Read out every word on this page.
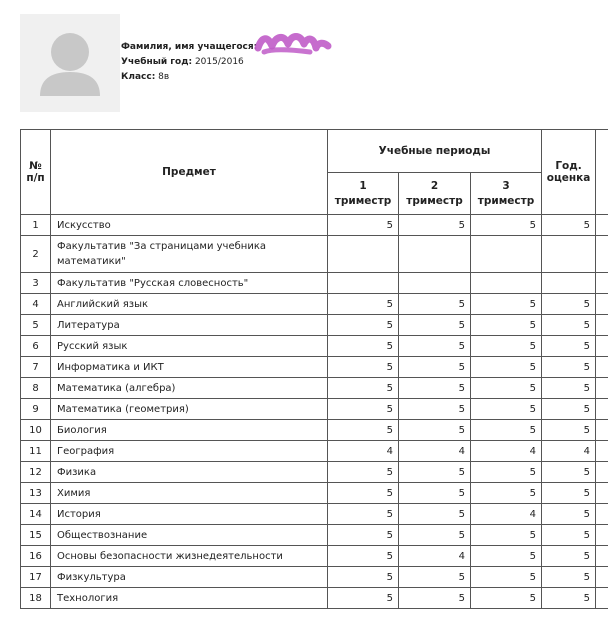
Фамилия, имя учащегося:
Учебный год: 2015/2016
Класс: 8в
№ п/п	Предмет	Учебные периоды			Год. оценка	
		1 триместр	2 триместр	3 триместр		
1	Искусство	5	5	5	5	
2	Факультатив "За страницами учебника математики"					
3	Факультатив "Русская словесность"					
4	Английский язык	5	5	5	5	
5	Литература	5	5	5	5	
6	Русский язык	5	5	5	5	
7	Информатика и ИКТ	5	5	5	5	
8	Математика (алгебра)	5	5	5	5	
9	Математика (геометрия)	5	5	5	5	
10	Биология	5	5	5	5	
11	География	4	4	4	4	
12	Физика	5	5	5	5	
13	Химия	5	5	5	5	
14	История	5	5	4	5	
15	Обществознание	5	5	5	5	
16	Основы безопасности жизнедеятельности	5	4	5	5	
17	Физкультура	5	5	5	5	
18	Технология	5	5	5	5	
